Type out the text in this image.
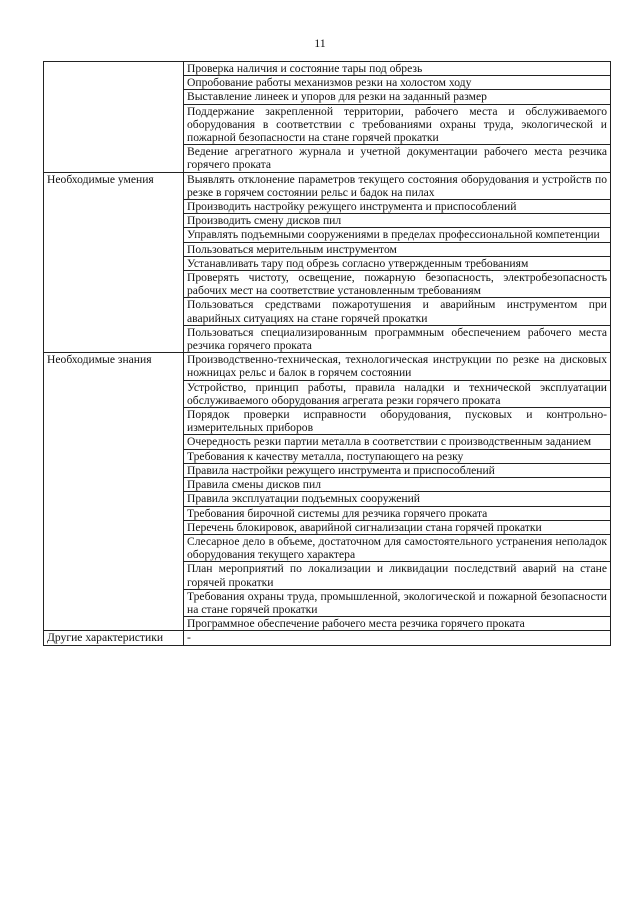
11
	Проверка наличия и состояние тары под обрезь
	Опробование работы механизмов резки на холостом ходу
	Выставление линеек и упоров для резки на заданный размер
	Поддержание закрепленной территории, рабочего места и обслуживаемого оборудования в соответствии с требованиями охраны труда, экологической и пожарной безопасности на стане горячей прокатки
	Ведение агрегатного журнала и учетной документации рабочего места резчика горячего проката
Необходимые умения	Выявлять отклонение параметров текущего состояния оборудования и устройств по резке в горячем состоянии рельс и бадок на пилах
	Производить настройку режущего инструмента и приспособлений
	Производить смену дисков пил
	Управлять подъемными сооружениями в пределах профессиональной компетенции
	Пользоваться мерительным инструментом
	Устанавливать тару под обрезь согласно утвержденным требованиям
	Проверять чистоту, освещение, пожарную безопасность, электробезопасность рабочих мест на соответствие установленным требованиям
	Пользоваться средствами пожаротушения и аварийным инструментом при аварийных ситуациях на стане горячей прокатки
	Пользоваться специализированным программным обеспечением рабочего места резчика горячего проката
Необходимые знания	Производственно-техническая, технологическая инструкции по резке на дисковых ножницах рельс и балок в горячем состоянии
	Устройство, принцип работы, правила наладки и технической эксплуатации обслуживаемого оборудования агрегата резки горячего проката
	Порядок проверки исправности оборудования, пусковых и контрольно-измерительных приборов
	Очередность резки партии металла в соответствии с производственным заданием
	Требования к качеству металла, поступающего на резку
	Правила настройки режущего инструмента и приспособлений
	Правила смены дисков пил
	Правила эксплуатации подъемных сооружений
	Требования бирочной системы для резчика горячего проката
	Перечень блокировок, аварийной сигнализации стана горячей прокатки
	Слесарное дело в объеме, достаточном для самостоятельного устранения неполадок оборудования текущего характера
	План мероприятий по локализации и ликвидации последствий аварий на стане горячей прокатки
	Требования охраны труда, промышленной, экологической и пожарной безопасности на стане горячей прокатки
	Программное обеспечение рабочего места резчика горячего проката
Другие характеристики	-
